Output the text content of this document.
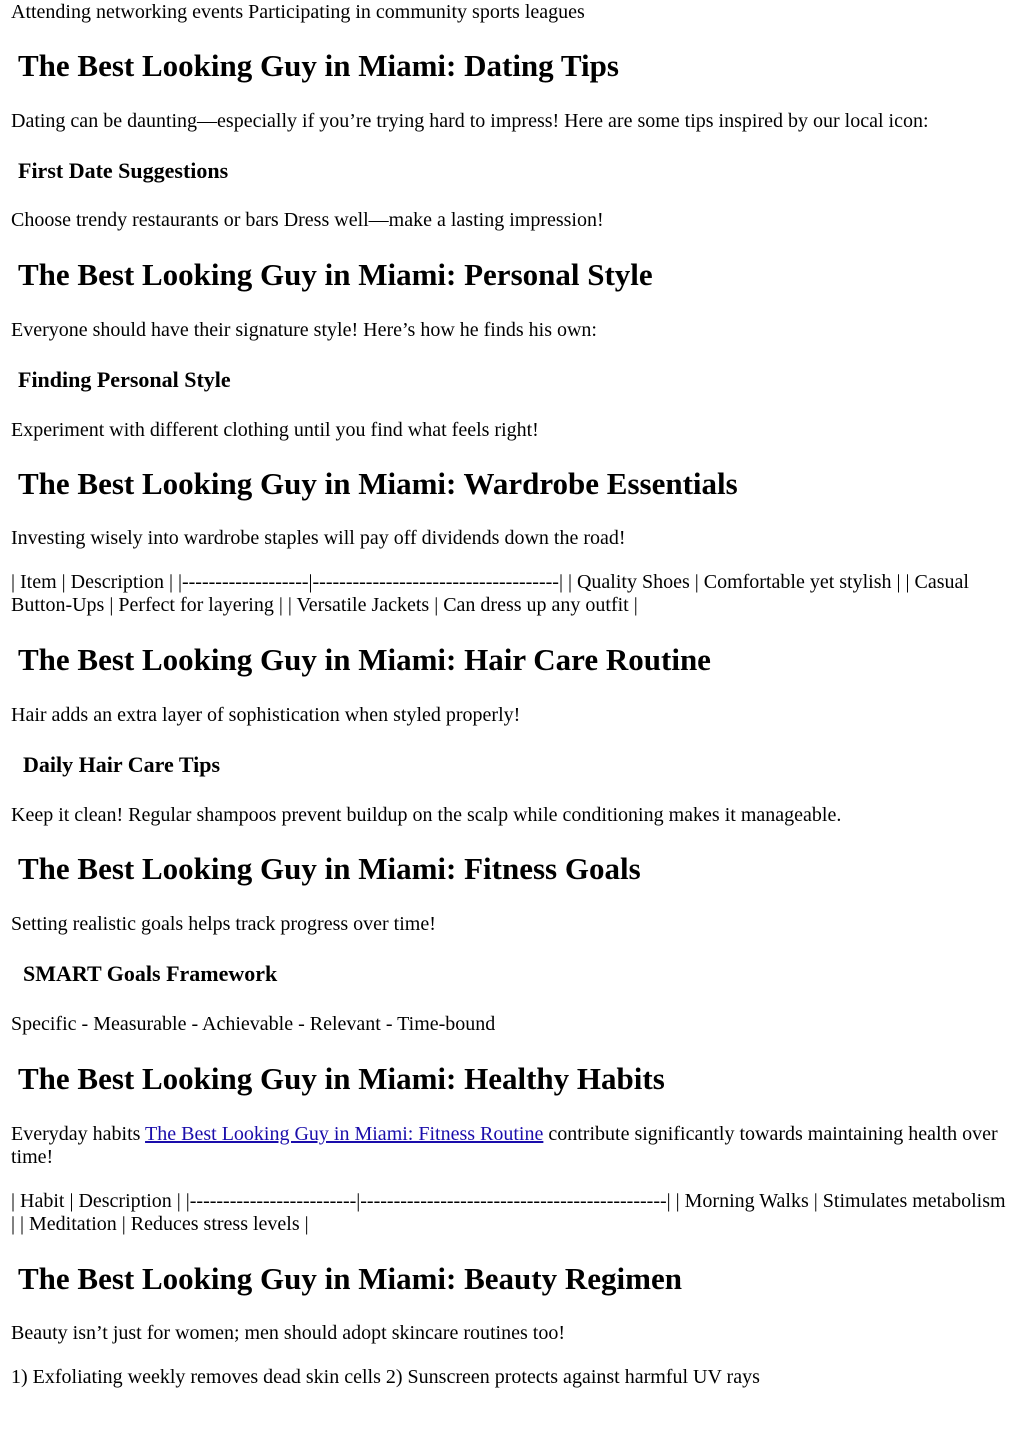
Attending networking events Participating in community sports leagues

The Best Looking Guy in Miami: Dating Tips

Dating can be daunting—especially if you’re trying hard to impress! Here are some tips inspired by our local icon:

First Date Suggestions

Choose trendy restaurants or bars Dress well—make a lasting impression!

The Best Looking Guy in Miami: Personal Style

Everyone should have their signature style! Here’s how he finds his own:

Finding Personal Style

Experiment with different clothing until you find what feels right!

The Best Looking Guy in Miami: Wardrobe Essentials

Investing wisely into wardrobe staples will pay off dividends down the road!

| Item | Description | |-------------------|-------------------------------------| | Quality Shoes | Comfortable yet stylish | | Casual Button-Ups | Perfect for layering | | Versatile Jackets | Can dress up any outfit |

The Best Looking Guy in Miami: Hair Care Routine

Hair adds an extra layer of sophistication when styled properly!

Daily Hair Care Tips

Keep it clean! Regular shampoos prevent buildup on the scalp while conditioning makes it manageable.

The Best Looking Guy in Miami: Fitness Goals

Setting realistic goals helps track progress over time!

SMART Goals Framework

Specific - Measurable - Achievable - Relevant - Time-bound

The Best Looking Guy in Miami: Healthy Habits

Everyday habits The Best Looking Guy in Miami: Fitness Routine contribute significantly towards maintaining health over time!

| Habit | Description | |-------------------------|----------------------------------------------| | Morning Walks | Stimulates metabolism | | Meditation | Reduces stress levels |

The Best Looking Guy in Miami: Beauty Regimen

Beauty isn’t just for women; men should adopt skincare routines too!

1) Exfoliating weekly removes dead skin cells 2) Sunscreen protects against harmful UV rays
